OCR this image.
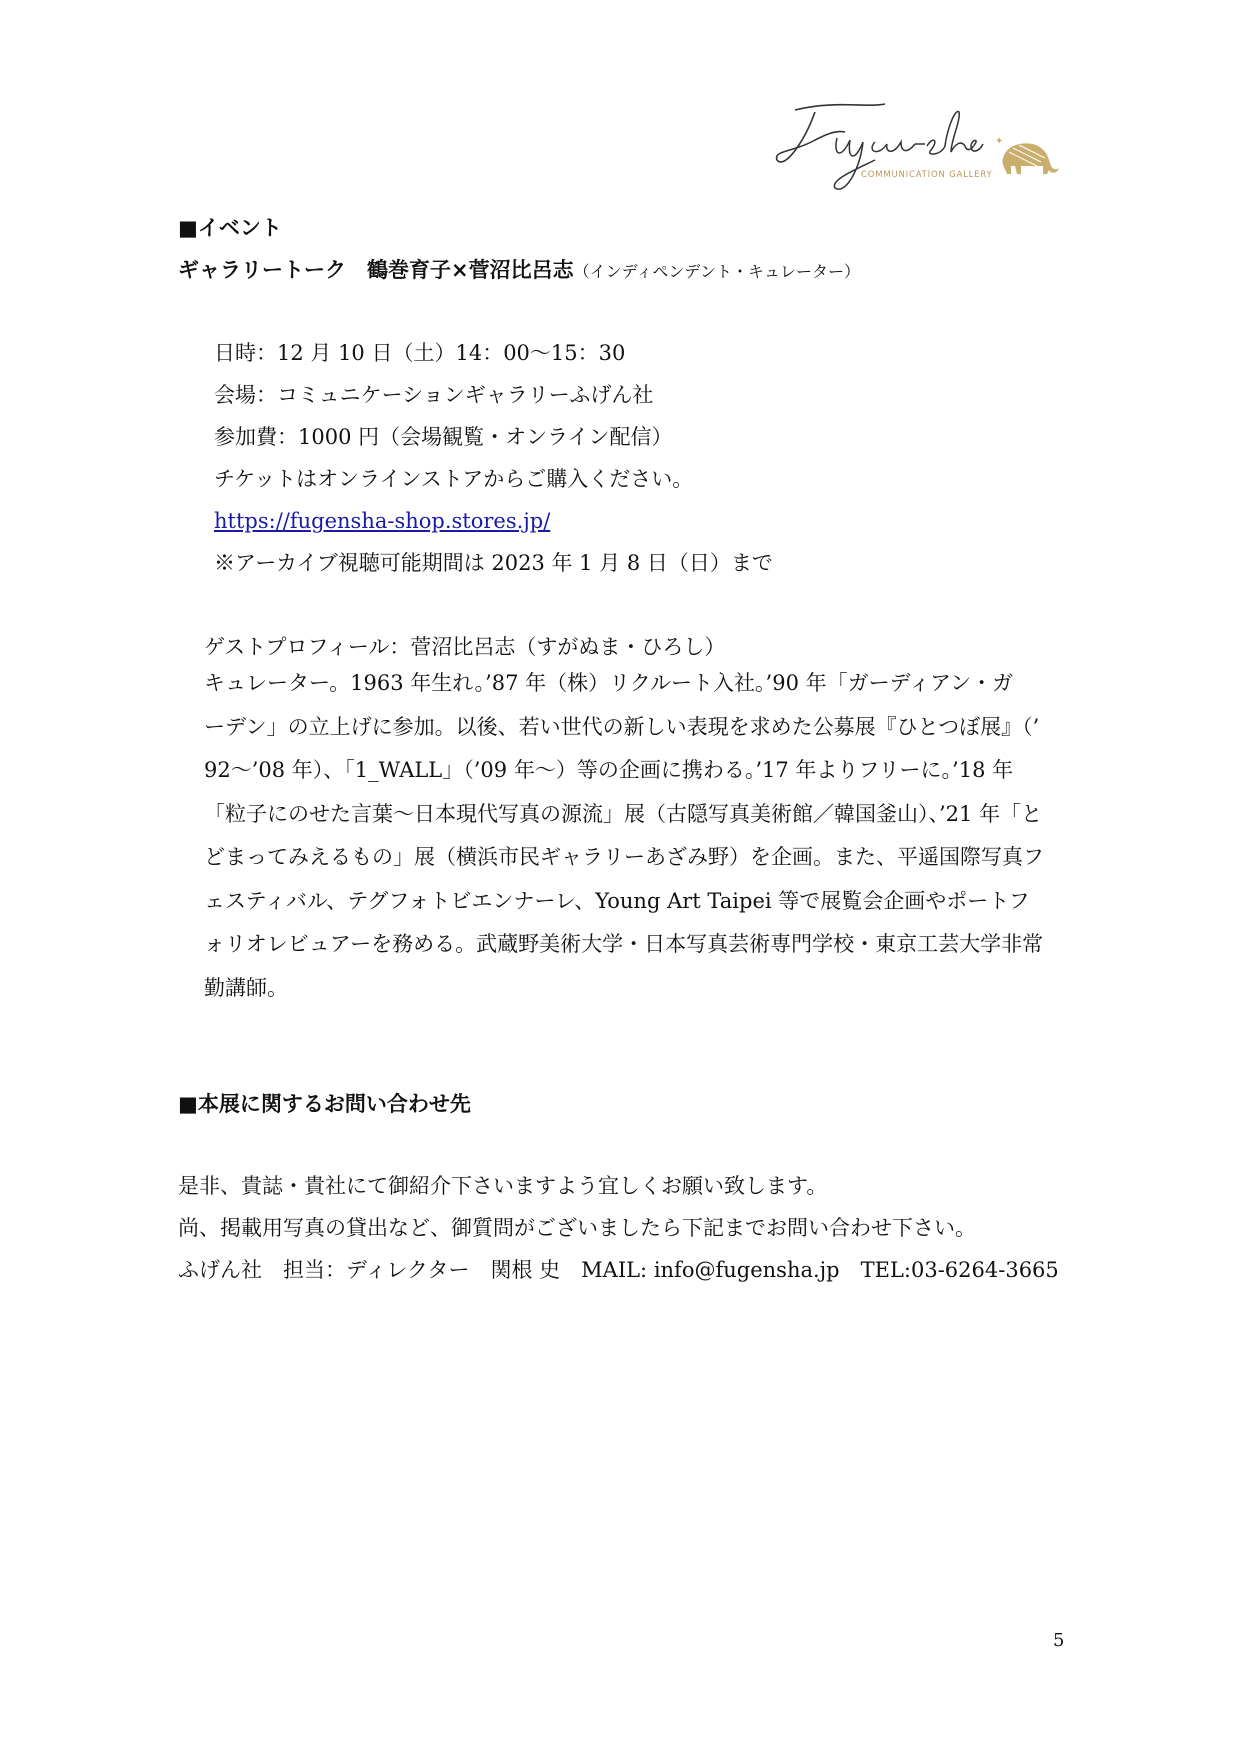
✦
COMMUNICATION GALLERY
■イベント
ギャラリートーク　鶴巻育子×菅沼比呂志（インディペンデント・キュレーター）
日時：12 月 10 日（土）14：00〜15：30
会場：コミュニケーションギャラリーふげん社
参加費：1000 円（会場観覧・オンライン配信）
チケットはオンラインストアからご購入ください。
https://fugensha-shop.stores.jp/
※アーカイブ視聴可能期間は 2023 年 1 月 8 日（日）まで
ゲストプロフィール：菅沼比呂志（すがぬま・ひろし）
キュレーター。1963 年生れ。’87 年（株）リクルート入社。’90 年「ガーディアン・ガ
ーデン」の立上げに参加。以後、若い世代の新しい表現を求めた公募展『ひとつぼ展』（’
92〜’08 年）、「1_WALL」（’09 年〜）等の企画に携わる。’17 年よりフリーに。’18 年
「粒子にのせた言葉〜日本現代写真の源流」展（古隠写真美術館／韓国釜山）、’21 年「と
どまってみえるもの」展（横浜市民ギャラリーあざみ野）を企画。また、平遥国際写真フ
ェスティバル、テグフォトビエンナーレ、Young Art Taipei 等で展覧会企画やポートフ
ォリオレビュアーを務める。武蔵野美術大学・日本写真芸術専門学校・東京工芸大学非常
勤講師。
■本展に関するお問い合わせ先
是非、貴誌・貴社にて御紹介下さいますよう宜しくお願い致します。
尚、掲載用写真の貸出など、御質問がございましたら下記までお問い合わせ下さい。
ふげん社　担当：ディレクター　関根 史　MAIL: info@fugensha.jp　TEL:03-6264-3665
5
